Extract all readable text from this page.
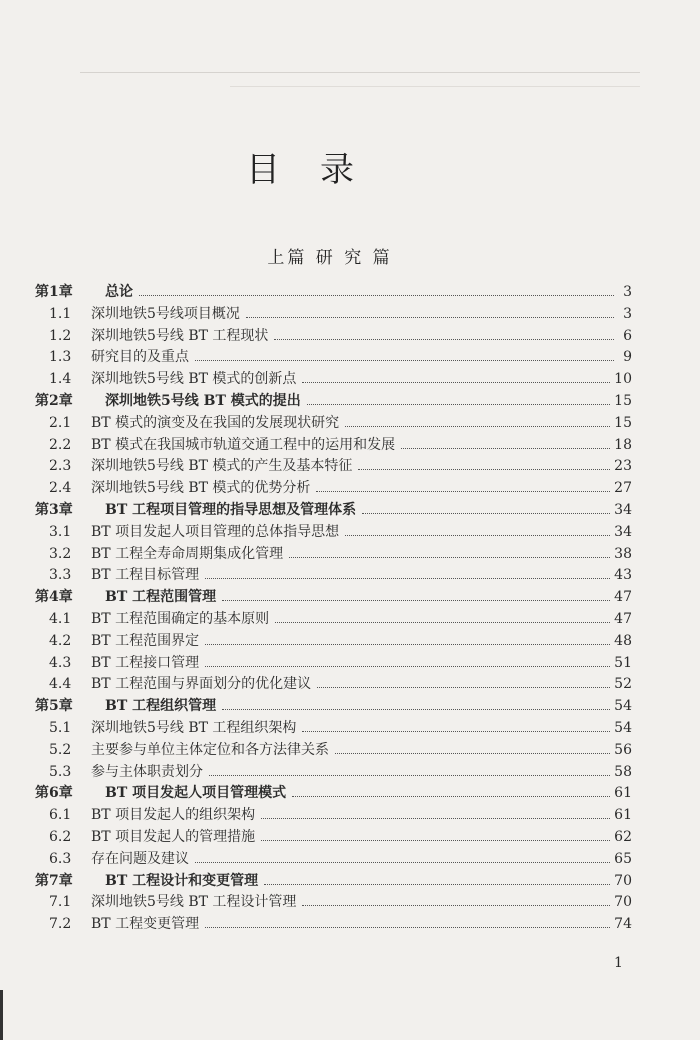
目录
上篇 研 究 篇
第1章	总论	3
1.1	深圳地铁5号线项目概况	3
1.2	深圳地铁5号线 BT 工程现状	6
1.3	研究目的及重点	9
1.4	深圳地铁5号线 BT 模式的创新点	10
第2章	深圳地铁5号线 BT 模式的提出	15
2.1	BT 模式的演变及在我国的发展现状研究	15
2.2	BT 模式在我国城市轨道交通工程中的运用和发展	18
2.3	深圳地铁5号线 BT 模式的产生及基本特征	23
2.4	深圳地铁5号线 BT 模式的优势分析	27
第3章	BT 工程项目管理的指导思想及管理体系	34
3.1	BT 项目发起人项目管理的总体指导思想	34
3.2	BT 工程全寿命周期集成化管理	38
3.3	BT 工程目标管理	43
第4章	BT 工程范围管理	47
4.1	BT 工程范围确定的基本原则	47
4.2	BT 工程范围界定	48
4.3	BT 工程接口管理	51
4.4	BT 工程范围与界面划分的优化建议	52
第5章	BT 工程组织管理	54
5.1	深圳地铁5号线 BT 工程组织架构	54
5.2	主要参与单位主体定位和各方法律关系	56
5.3	参与主体职责划分	58
第6章	BT 项目发起人项目管理模式	61
6.1	BT 项目发起人的组织架构	61
6.2	BT 项目发起人的管理措施	62
6.3	存在问题及建议	65
第7章	BT 工程设计和变更管理	70
7.1	深圳地铁5号线 BT 工程设计管理	70
7.2	BT 工程变更管理	74
1
